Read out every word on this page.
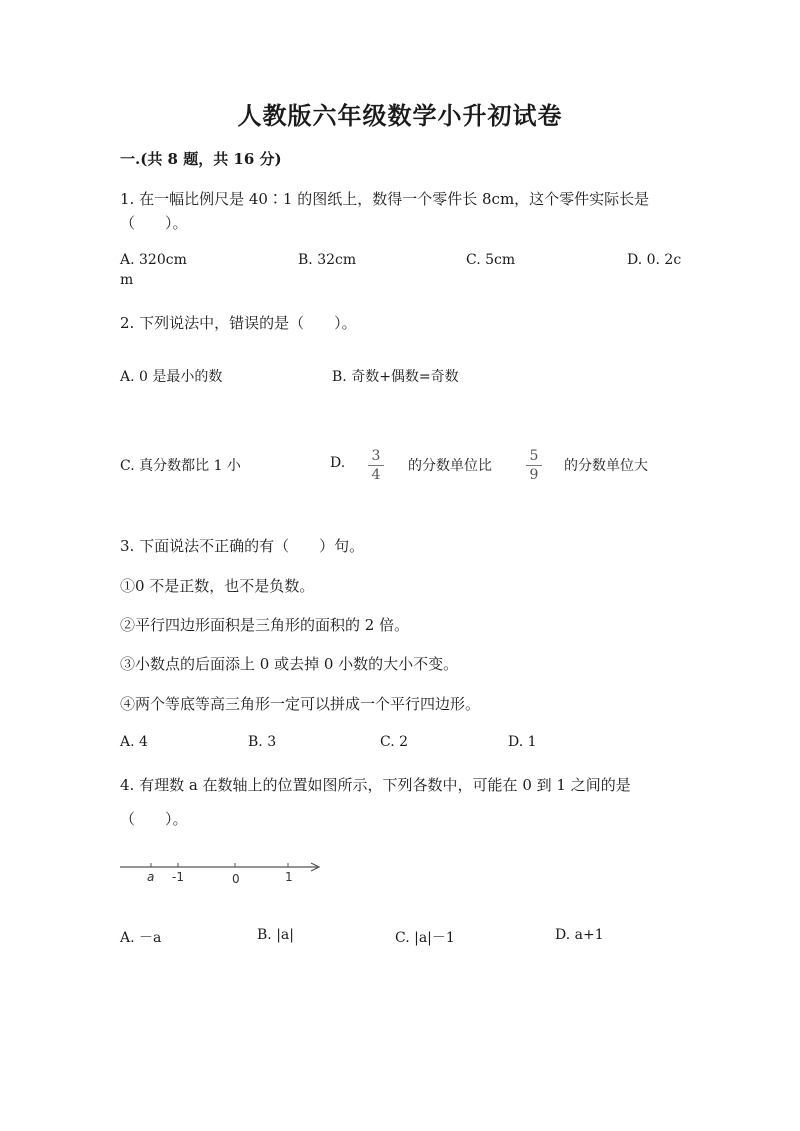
人教版六年级数学小升初试卷
一.(共 8 题，共 16 分)
1. 在一幅比例尺是 40∶1 的图纸上，数得一个零件长 8cm，这个零件实际长是
（　　）。
A. 320cm	B. 32cm	C. 5cm	D. 0. 2c
m
2. 下列说法中，错误的是（　　）。
A. 0 是最小的数	B. 奇数+偶数=奇数
C. 真分数都比 1 小	D.	3
4
的分数单位比
5
9
的分数单位大
3. 下面说法不正确的有（　　）句。
①0 不是正数，也不是负数。
②平行四边形面积是三角形的面积的 2 倍。
③小数点的后面添上 0 或去掉 0 小数的大小不变。
④两个等底等高三角形一定可以拼成一个平行四边形。
A. 4	B. 3	C. 2	D. 1
4. 有理数 a 在数轴上的位置如图所示，下列各数中，可能在 0 到 1 之间的是
（　　）。
a -1	0	1
A. －a	B. |a|	C. |a|－1	D. a+1
